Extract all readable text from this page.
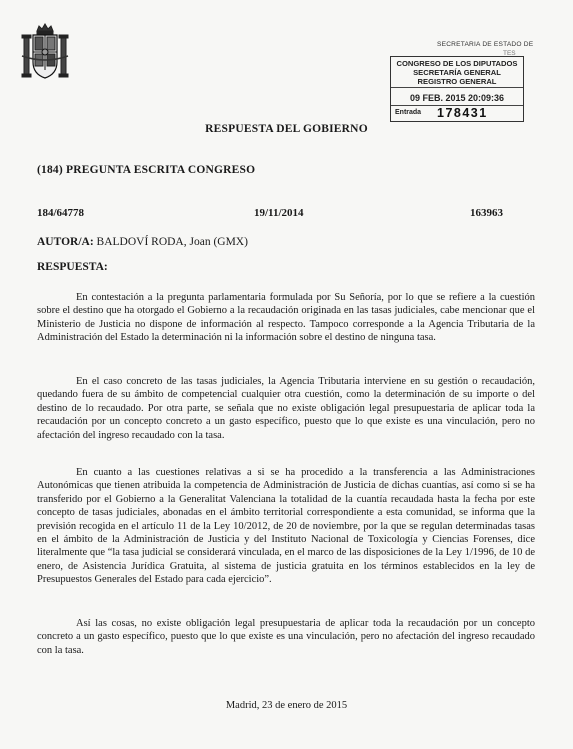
SECRETARIA DE ESTADO DE
TES
CONGRESO DE LOS DIPUTADOS
SECRETARÍA GENERAL
REGISTRO GENERAL
09 FEB. 2015 20:09:36
Entrada 178431
RESPUESTA DEL GOBIERNO
(184) PREGUNTA ESCRITA CONGRESO
184/64778	19/11/2014	163963
AUTOR/A: BALDOVÍ RODA, Joan (GMX)
RESPUESTA:

En contestación a la pregunta parlamentaria formulada por Su Señoría, por lo que se refiere a la cuestión sobre el destino que ha otorgado el Gobierno a la recaudación originada en las tasas judiciales, cabe mencionar que el Ministerio de Justicia no dispone de información al respecto. Tampoco corresponde a la Agencia Tributaria de la Administración del Estado la determinación ni la información sobre el destino de ninguna tasa.

En el caso concreto de las tasas judiciales, la Agencia Tributaria interviene en su gestión o recaudación, quedando fuera de su ámbito de competencial cualquier otra cuestión, como la determinación de su importe o del destino de lo recaudado. Por otra parte, se señala que no existe obligación legal presupuestaria de aplicar toda la recaudación por un concepto concreto a un gasto específico, puesto que lo que existe es una vinculación, pero no afectación del ingreso recaudado con la tasa.

En cuanto a las cuestiones relativas a si se ha procedido a la transferencia a las Administraciones Autonómicas que tienen atribuida la competencia de Administración de Justicia de dichas cuantías, así como si se ha transferido por el Gobierno a la Generalitat Valenciana la totalidad de la cuantía recaudada hasta la fecha por este concepto de tasas judiciales, abonadas en el ámbito territorial correspondiente a esta comunidad, se informa que la previsión recogida en el artículo 11 de la Ley 10/2012, de 20 de noviembre, por la que se regulan determinadas tasas en el ámbito de la Administración de Justicia y del Instituto Nacional de Toxicología y Ciencias Forenses, dice literalmente que “la tasa judicial se considerará vinculada, en el marco de las disposiciones de la Ley 1/1996, de 10 de enero, de Asistencia Jurídica Gratuita, al sistema de justicia gratuita en los términos establecidos en la ley de Presupuestos Generales del Estado para cada ejercicio”.

Así las cosas, no existe obligación legal presupuestaria de aplicar toda la recaudación por un concepto concreto a un gasto específico, puesto que lo que existe es una vinculación, pero no afectación del ingreso recaudado con la tasa.

Madrid, 23 de enero de 2015
